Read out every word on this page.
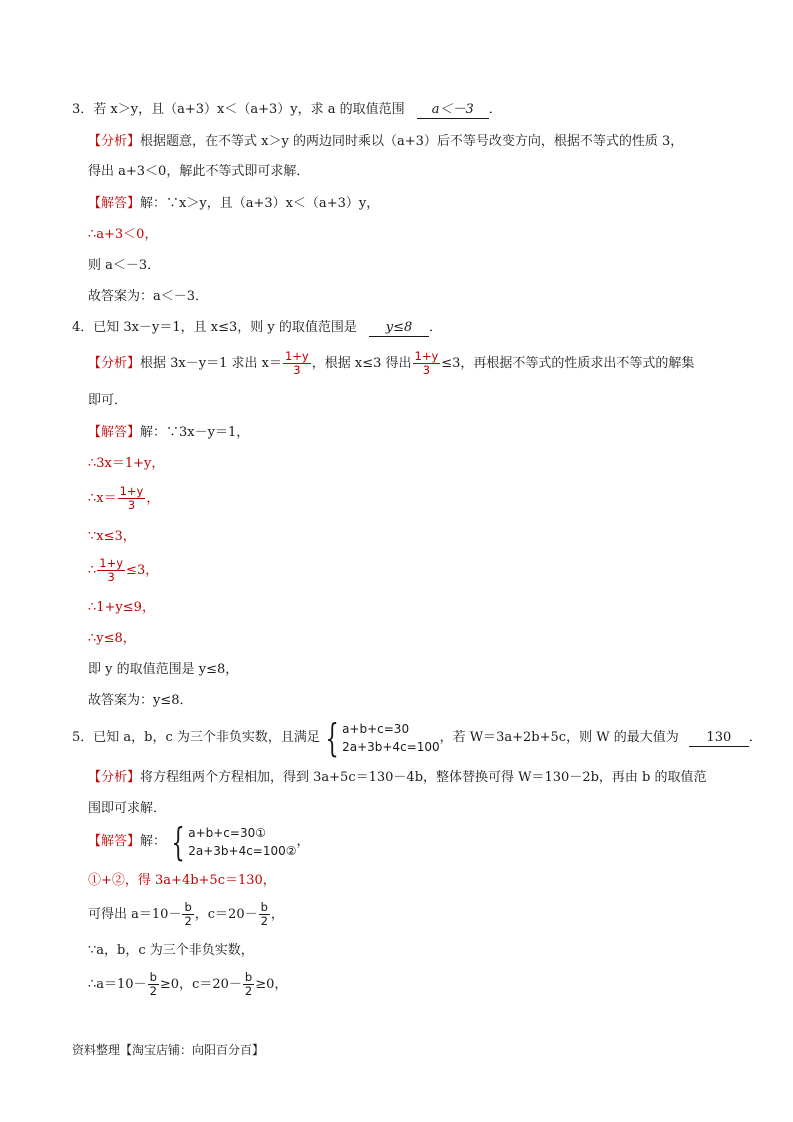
3．若 x＞y，且（a+3）x＜（a+3）y，求 a 的取值范围 a＜－3 ．
【分析】根据题意，在不等式 x＞y 的两边同时乘以（a+3）后不等号改变方向，根据不等式的性质 3，
得出 a+3＜0，解此不等式即可求解．
【解答】解：∵x＞y，且（a+3）x＜（a+3）y，
∴a+3＜0，
则 a＜－3．
故答案为：a＜－3．
4．已知 3x－y＝1，且 x≤3，则 y 的取值范围是 y≤8 ．
【分析】根据 3x－y＝1 求出 $x= \frac{1+y}{3}$ ，根据 x≤3 得出 $\frac{1+y}{3} \le 3$，再根据不等式的性质求出不等式的解集
即可．
【解答】解：∵3x－y＝1，
∴3x＝1+y，
∴x＝ $\frac{1+y}{3}$ ，
∵x≤3，
∴ $\frac{1+y}{3} \le 3$，
∴1+y≤9，
∴y≤8，
即 y 的取值范围是 y≤8，
故答案为：y≤8．
5．已知 a，b，c 为三个非负实数，且满足 { a+b+c=30
2a+3b+4c=100
，若 W＝3a+2b+5c，则 W 的最大值为 130 ．
【分析】将方程组两个方程相加，得到 3a+5c＝130－4b，整体替换可得 W＝130－2b，再由 b 的取值范
围即可求解．
【解答】解： { a+b+c=30①
2a+3b+4c=100②
，
①+②，得 3a+4b+5c＝130，
可得出 $a=10- \frac{b}{2}$ ，$c=20- \frac{b}{2}$ ，
∵a，b，c 为三个非负实数，
∴a＝10－ $\frac{b}{2} \ge 0$，$c=20- \frac{b}{2} \ge 0$，
资料整理【淘宝店铺：向阳百分百】
